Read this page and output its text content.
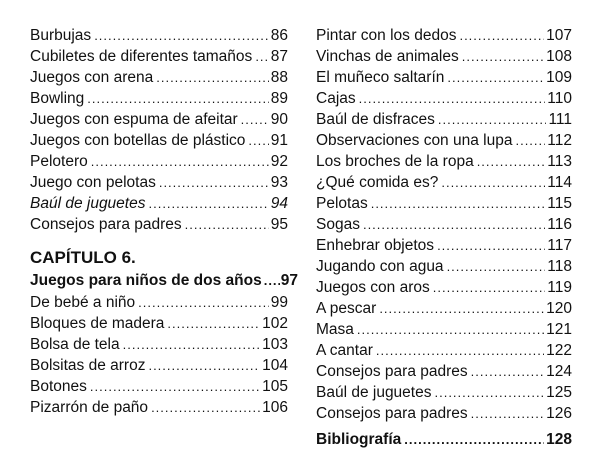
Burbujas .....	86
Cubiletes de diferentes tamaños ..... 87
Juegos con arena .....	88
Bowling .....	89
Juegos con espuma de afeitar ..... 90
Juegos con botellas de plástico ..... 91
Pelotero .....	92
Juego con pelotas .....	93
Baúl de juguetes .....	94
Consejos para padres .....	95
CAPÍTULO 6.
Juegos para niños de dos años ..... 97
De bebé a niño .....	99
Bloques de madera .....	102
Bolsa de tela .....	103
Bolsitas de arroz .....	104
Botones .....	105
Pizarrón de paño .....	106
Pintar con los dedos .....	107
Vinchas de animales .....	108
El muñeco saltarín .....	109
Cajas .....	110
Baúl de disfraces .....	111
Observaciones con una lupa ..... 112
Los broches de la ropa .....	113
¿Qué comida es? .....	114
Pelotas .....	115
Sogas .....	116
Enhebrar objetos .....	117
Jugando con agua .....	118
Juegos con aros .....	119
A pescar .....	120
Masa .....	121
A cantar .....	122
Consejos para padres .....	124
Baúl de juguetes .....	125
Consejos para padres .....	126
Bibliografía .....	128
